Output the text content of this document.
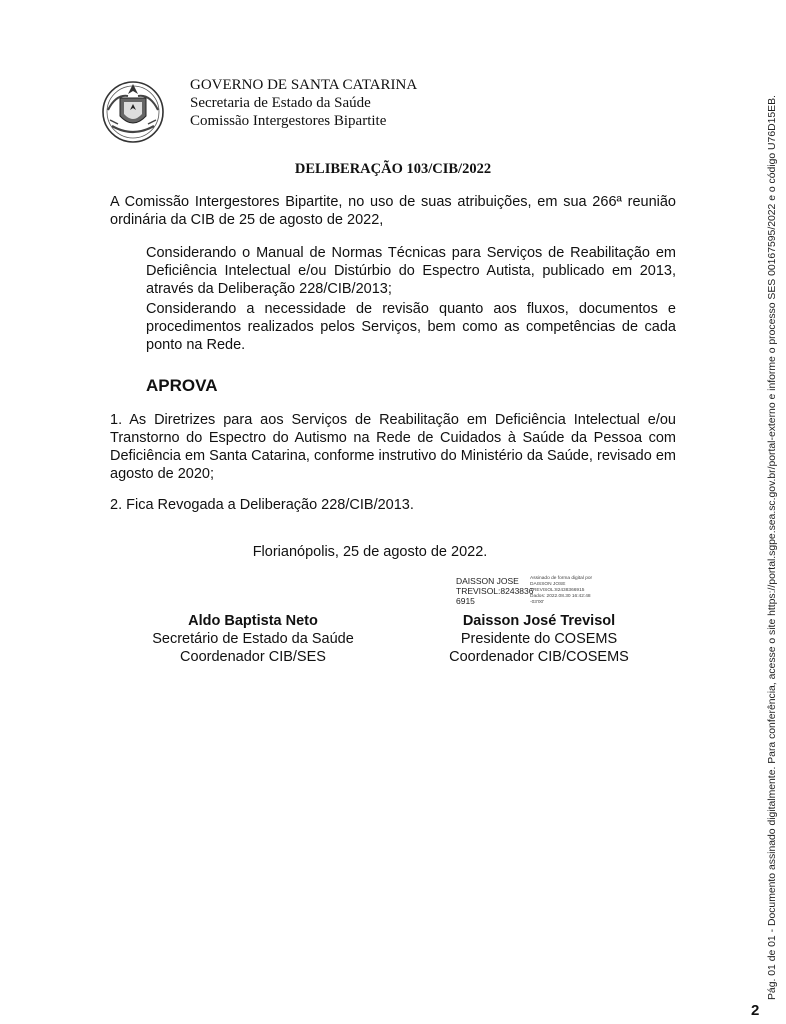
GOVERNO DE SANTA CATARINA
Secretaria de Estado da Saúde
Comissão Intergestores Bipartite
DELIBERAÇÃO 103/CIB/2022
A Comissão Intergestores Bipartite, no uso de suas atribuições, em sua 266ª reunião ordinária da CIB de 25 de agosto de 2022,
Considerando o Manual de Normas Técnicas para Serviços de Reabilitação em Deficiência Intelectual e/ou Distúrbio do Espectro Autista, publicado em 2013, através da Deliberação 228/CIB/2013;
Considerando a necessidade de revisão quanto aos fluxos, documentos e procedimentos realizados pelos Serviços, bem como as competências de cada ponto na Rede.
APROVA
1. As Diretrizes para aos Serviços de Reabilitação em Deficiência Intelectual e/ou Transtorno do Espectro do Autismo na Rede de Cuidados à Saúde da Pessoa com Deficiência em Santa Catarina, conforme instrutivo do Ministério da Saúde, revisado em agosto de 2020;
2. Fica Revogada a Deliberação 228/CIB/2013.
Florianópolis, 25 de agosto de 2022.
DAISSON JOSE
TREVISOL:8243836
6915
Assinado de forma digital por
DAISSON JOSE
TREVISOL:82438366915
Dados: 2022.08.30 16:42:48
-03'00'
Aldo Baptista Neto
Secretário de Estado da Saúde
Coordenador CIB/SES
Daisson José Trevisol
Presidente do COSEMS
Coordenador CIB/COSEMS	Pág. 01 de 01 - Documento assinado digitalmente. Para conferência, acesse o site https://portal.sgpe.sea.sc.gov.br/portal-externo e informe o processo SES 00167595/2022 e o código U76D15EB.
2
